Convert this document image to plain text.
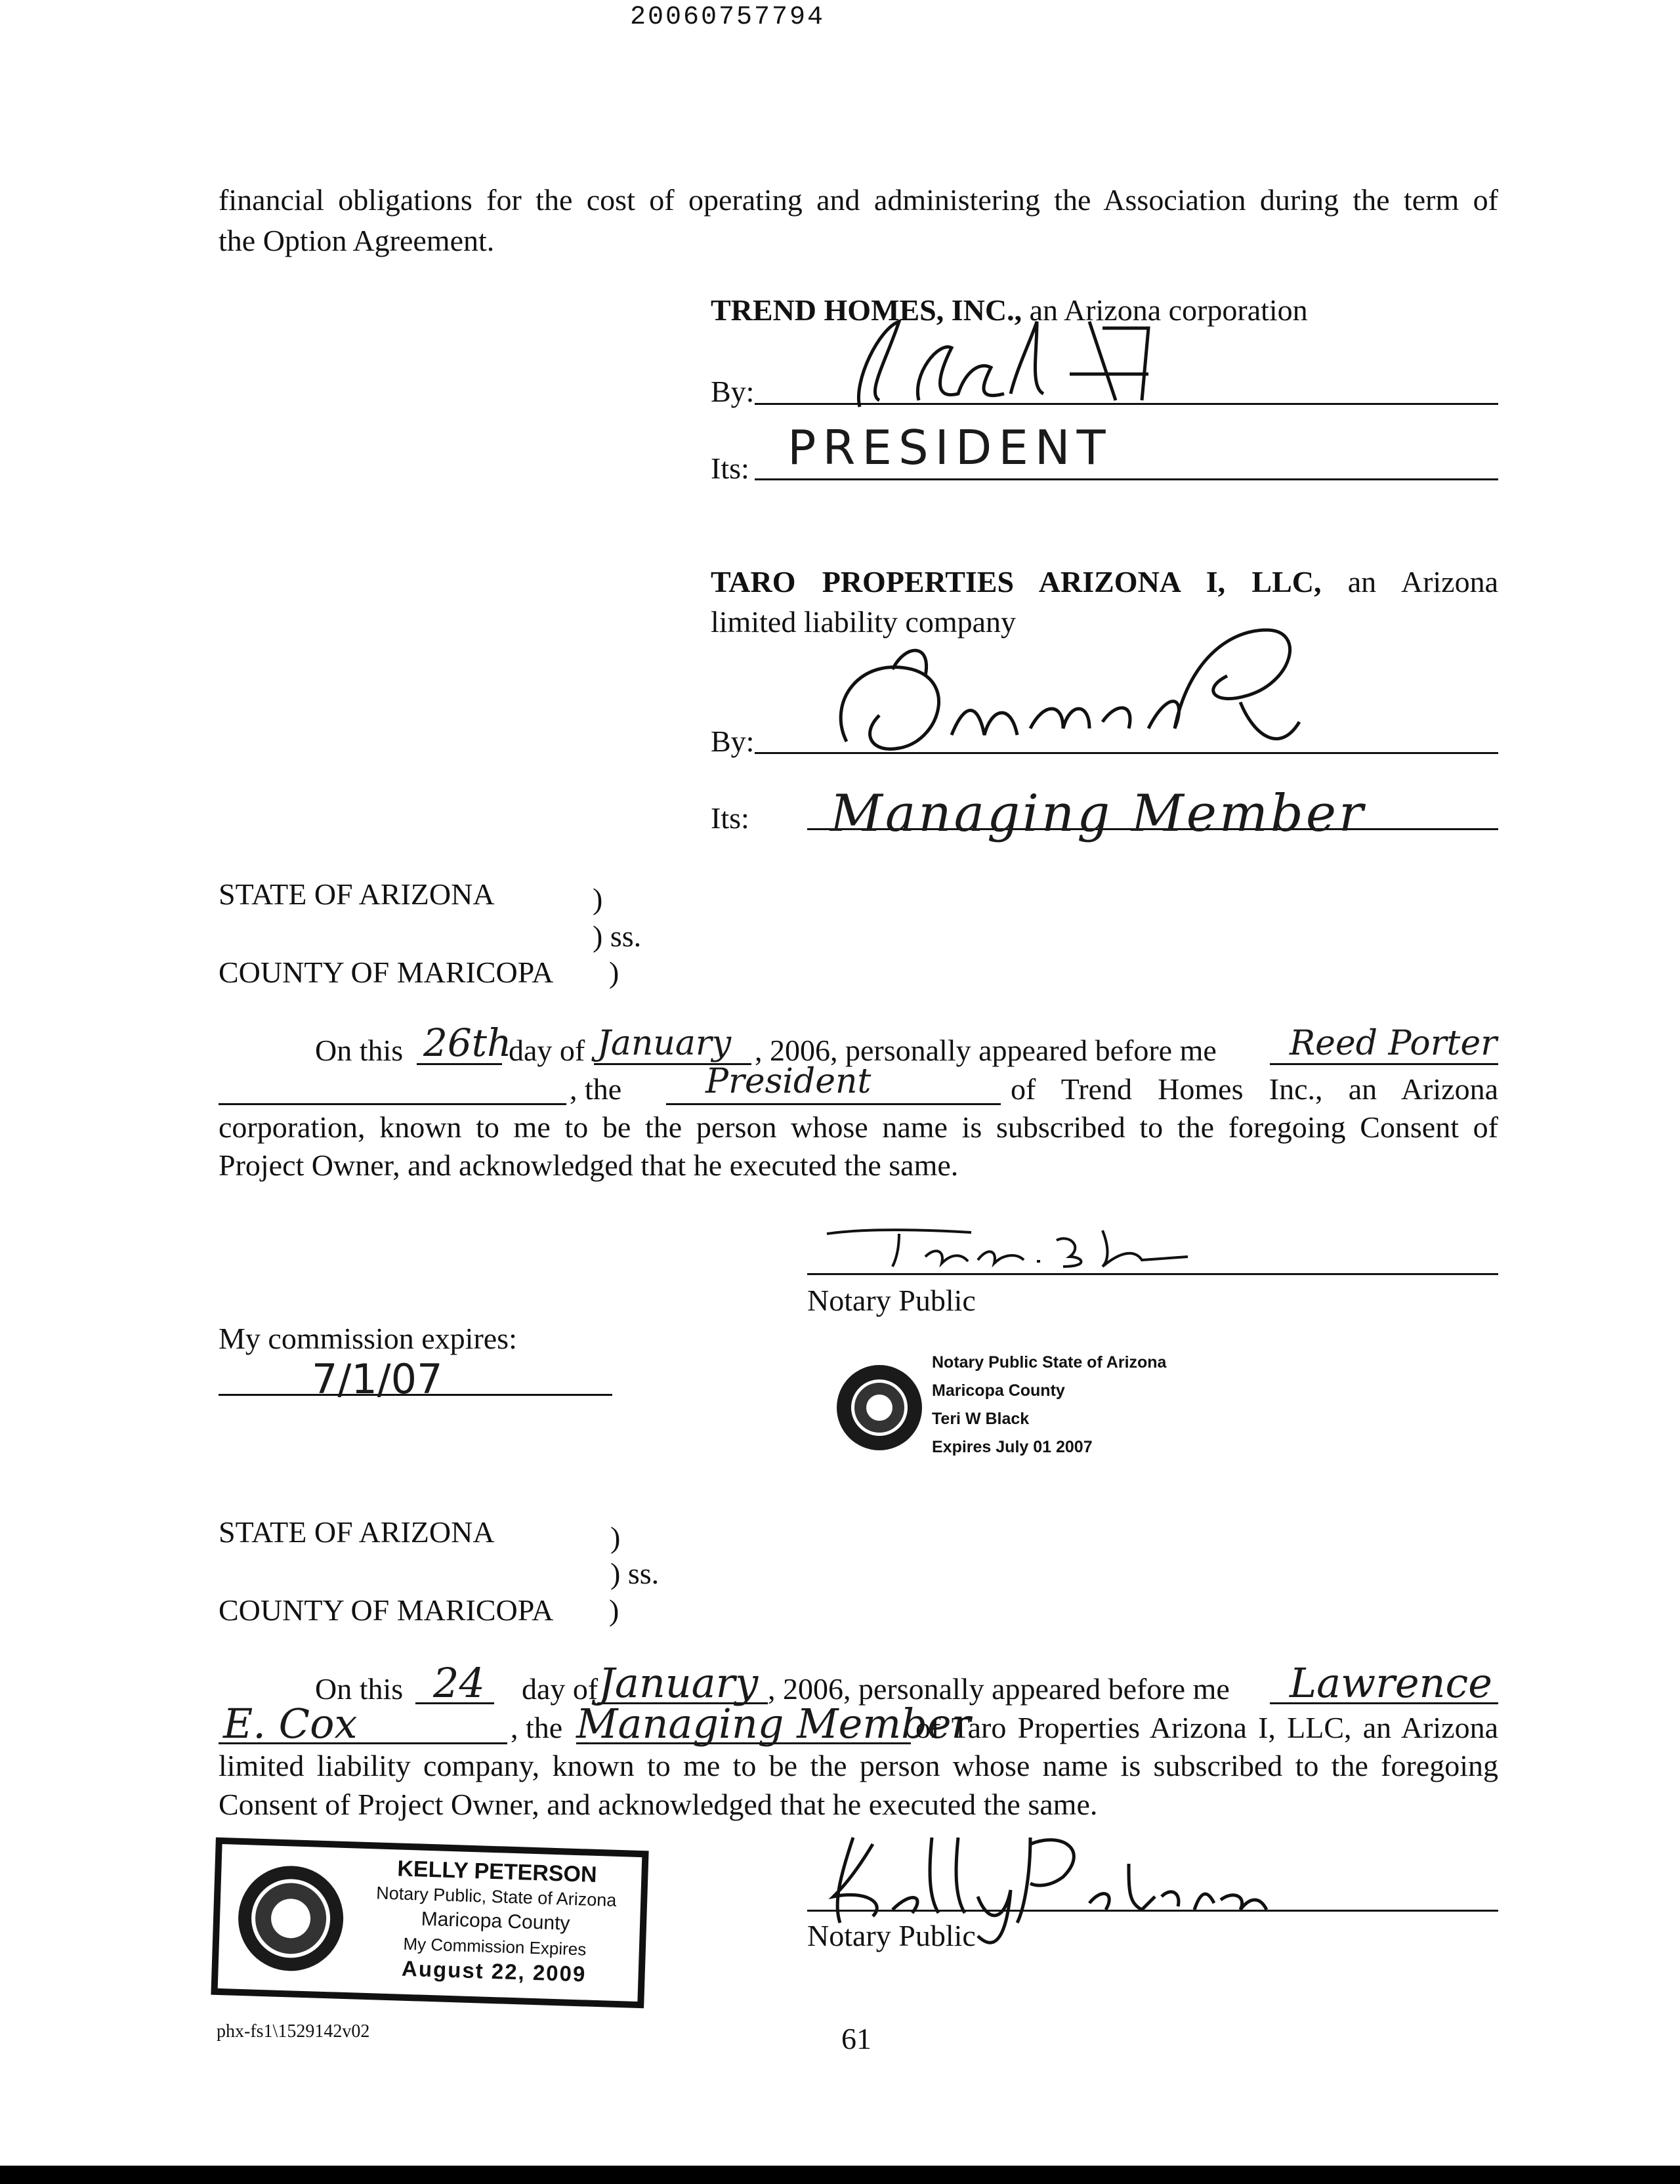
20060757794
financial obligations for the cost of operating and administering the Association during the term of
the Option Agreement.
TREND HOMES, INC., an Arizona corporation
By:
Its: PRESIDENT
TARO PROPERTIES ARIZONA I, LLC, an Arizona
limited liability company
By:
Its: Managing Member
STATE OF ARIZONA	)
) ss.
COUNTY OF MARICOPA )
On this 26th
day of January , 2006, personally appeared before me Reed Porter
, the President	of Trend Homes Inc., an Arizona
corporation, known to me to be the person whose name is subscribed to the foregoing Consent of
Project Owner, and acknowledged that he executed the same.
Notary Public
My commission expires:
7/1/07	Notary Public State of Arizona
Maricopa County
Teri W Black
Expires July 01 2007
STATE OF ARIZONA	)
) ss.
COUNTY OF MARICOPA )
On this 24 day of January , 2006, personally appeared before me Lawrence
E. Cox	, the Managing Member
of Taro Properties Arizona I, LLC, an Arizona
limited liability company, known to me to be the person whose name is subscribed to the foregoing
Consent of Project Owner, and acknowledged that he executed the same.
KELLY PETERSON
Notary Public, State of Arizona
Maricopa County
My Commission Expires
August 22, 2009
Notary Public
phx-fs1\1529142v02	61
